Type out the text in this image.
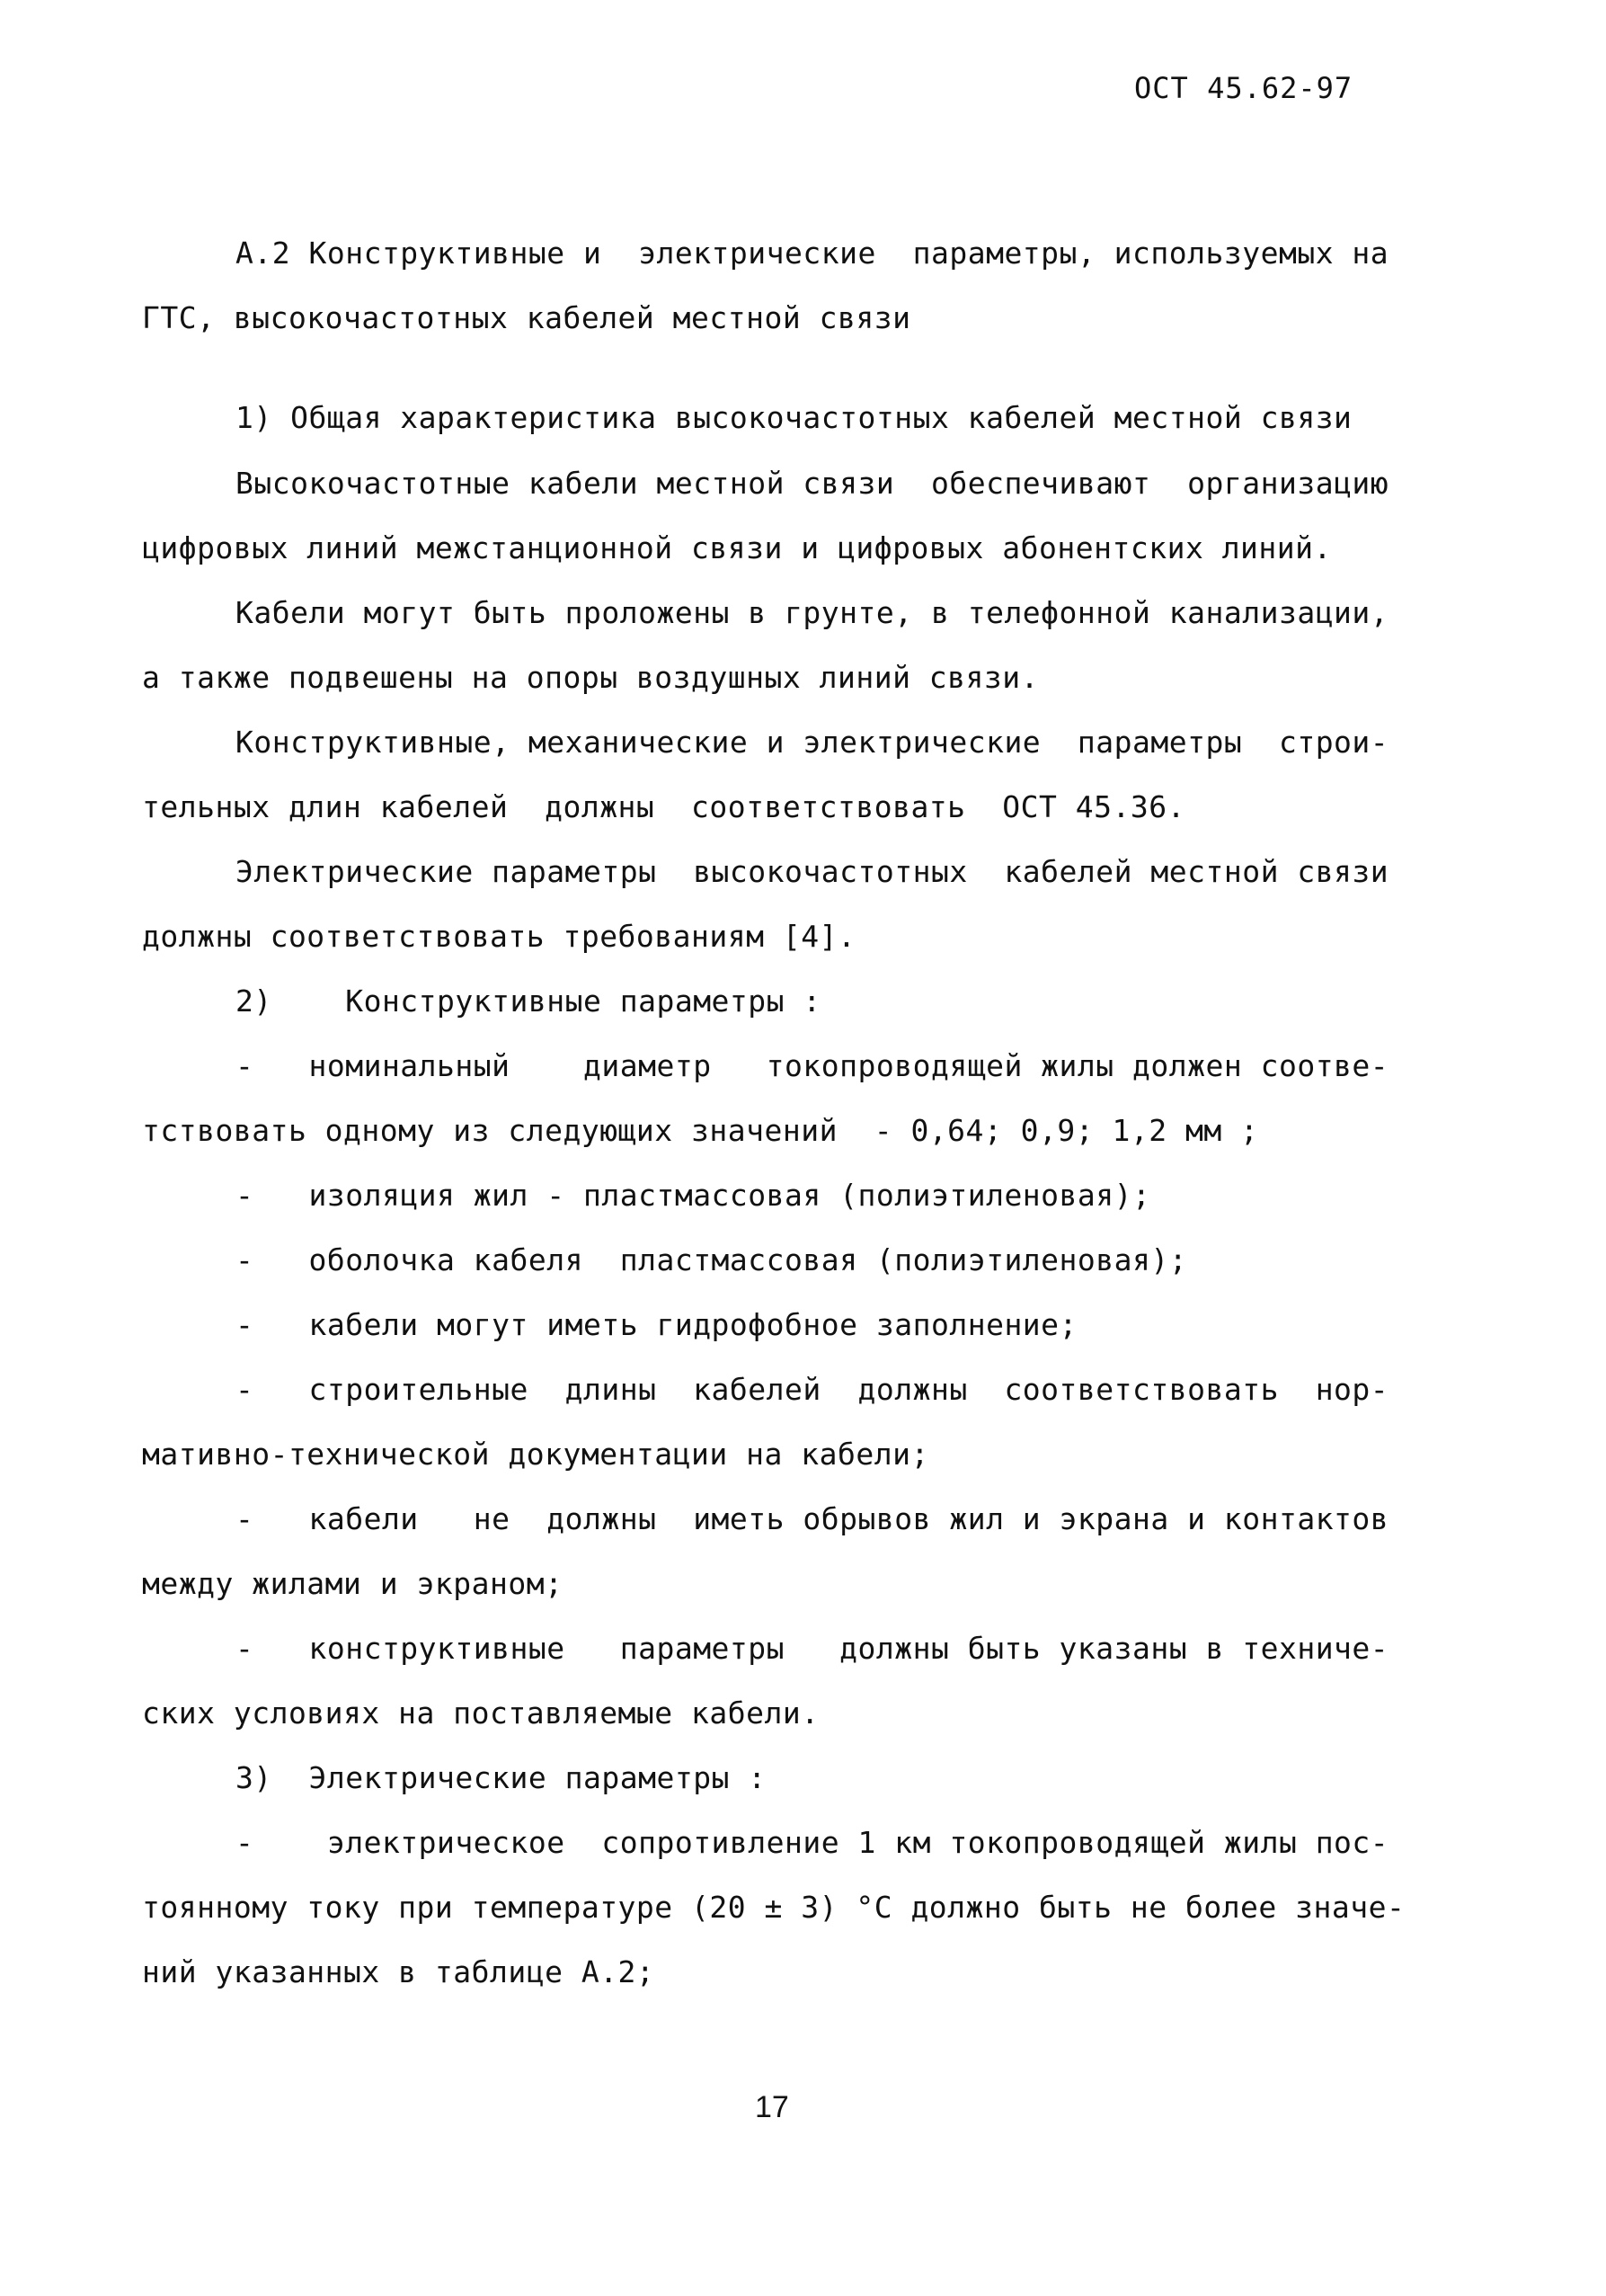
ОСТ 45.62-97
А.2 Конструктивные и  электрические  параметры, используемых на
ГТС, высокочастотных кабелей местной связи
1) Общая характеристика высокочастотных кабелей местной связи
Высокочастотные кабели местной связи  обеспечивают  организацию
цифровых линий межстанционной связи и цифровых абонентских линий.
Кабели могут быть проложены в грунте, в телефонной канализации,
а также подвешены на опоры воздушных линий связи.
Конструктивные, механические и электрические  параметры  строи-
тельных длин кабелей  должны  соответствовать  ОСТ 45.36.
Электрические параметры  высокочастотных  кабелей местной связи
должны соответствовать требованиям [4].
2)    Конструктивные параметры :
-   номинальный    диаметр   токопроводящей жилы должен соотве-
тствовать одному из следующих значений  - 0,64; 0,9; 1,2 мм ;
-   изоляция жил - пластмассовая (полиэтиленовая);
-   оболочка кабеля  пластмассовая (полиэтиленовая);
-   кабели могут иметь гидрофобное заполнение;
-   строительные  длины  кабелей  должны  соответствовать  нор-
мативно-технической документации на кабели;
-   кабели   не  должны  иметь обрывов жил и экрана и контактов
между жилами и экраном;
-   конструктивные   параметры   должны быть указаны в техниче-
ских условиях на поставляемые кабели.
3)  Электрические параметры :
-    электрическое  сопротивление 1 км токопроводящей жилы пос-
тоянному току при температуре (20 ± 3) °С должно быть не более значе-
ний указанных в таблице А.2;
17
